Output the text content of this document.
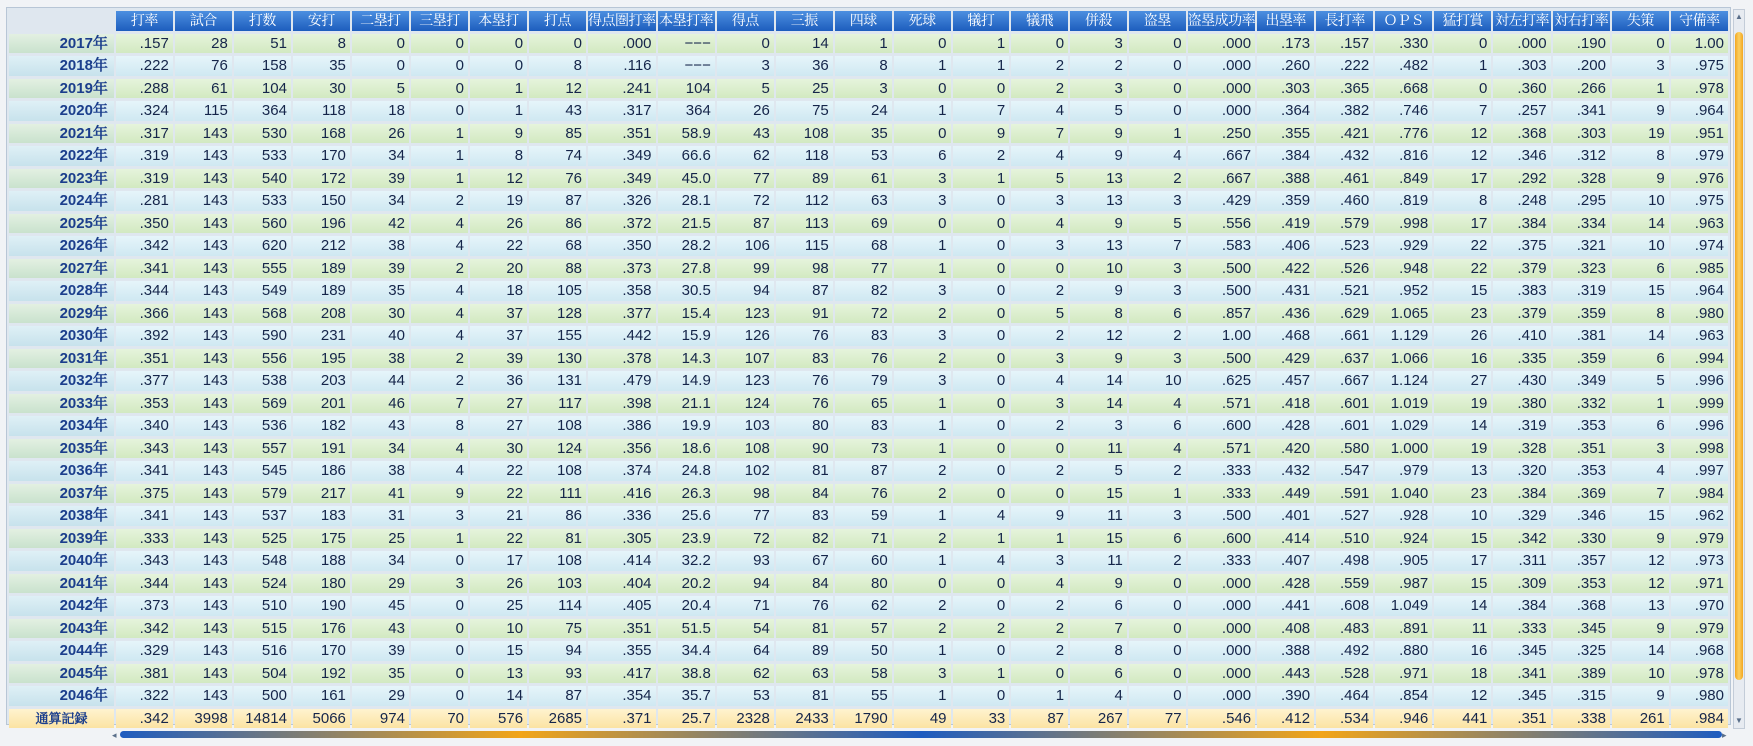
	打率	試合	打数	安打	二塁打	三塁打	本塁打	打点	得点圏打率	本塁打率	得点	三振	四球	死球	犠打	犠飛	併殺	盗塁	盗塁成功率	出塁率	長打率	ＯＰＳ	猛打賞	対左打率	対右打率	失策	守備率
2017年	.157	28	51	8	0	0	0	0	.000	−−−	0	14	1	0	1	0	3	0	.000	.173	.157	.330	0	.000	.190	0	1.00
2018年	.222	76	158	35	0	0	0	8	.116	−−−	3	36	8	1	1	2	2	0	.000	.260	.222	.482	1	.303	.200	3	.975
2019年	.288	61	104	30	5	0	1	12	.241	104	5	25	3	0	0	2	3	0	.000	.303	.365	.668	0	.360	.266	1	.978
2020年	.324	115	364	118	18	0	1	43	.317	364	26	75	24	1	7	4	5	0	.000	.364	.382	.746	7	.257	.341	9	.964
2021年	.317	143	530	168	26	1	9	85	.351	58.9	43	108	35	0	9	7	9	1	.250	.355	.421	.776	12	.368	.303	19	.951
2022年	.319	143	533	170	34	1	8	74	.349	66.6	62	118	53	6	2	4	9	4	.667	.384	.432	.816	12	.346	.312	8	.979
2023年	.319	143	540	172	39	1	12	76	.349	45.0	77	89	61	3	1	5	13	2	.667	.388	.461	.849	17	.292	.328	9	.976
2024年	.281	143	533	150	34	2	19	87	.326	28.1	72	112	63	3	0	3	13	3	.429	.359	.460	.819	8	.248	.295	10	.975
2025年	.350	143	560	196	42	4	26	86	.372	21.5	87	113	69	0	0	4	9	5	.556	.419	.579	.998	17	.384	.334	14	.963
2026年	.342	143	620	212	38	4	22	68	.350	28.2	106	115	68	1	0	3	13	7	.583	.406	.523	.929	22	.375	.321	10	.974
2027年	.341	143	555	189	39	2	20	88	.373	27.8	99	98	77	1	0	0	10	3	.500	.422	.526	.948	22	.379	.323	6	.985
2028年	.344	143	549	189	35	4	18	105	.358	30.5	94	87	82	3	0	2	9	3	.500	.431	.521	.952	15	.383	.319	15	.964
2029年	.366	143	568	208	30	4	37	128	.377	15.4	123	91	72	2	0	5	8	6	.857	.436	.629	1.065	23	.379	.359	8	.980
2030年	.392	143	590	231	40	4	37	155	.442	15.9	126	76	83	3	0	2	12	2	1.00	.468	.661	1.129	26	.410	.381	14	.963
2031年	.351	143	556	195	38	2	39	130	.378	14.3	107	83	76	2	0	3	9	3	.500	.429	.637	1.066	16	.335	.359	6	.994
2032年	.377	143	538	203	44	2	36	131	.479	14.9	123	76	79	3	0	4	14	10	.625	.457	.667	1.124	27	.430	.349	5	.996
2033年	.353	143	569	201	46	7	27	117	.398	21.1	124	76	65	1	0	3	14	4	.571	.418	.601	1.019	19	.380	.332	1	.999
2034年	.340	143	536	182	43	8	27	108	.386	19.9	103	80	83	1	0	2	3	6	.600	.428	.601	1.029	14	.319	.353	6	.996
2035年	.343	143	557	191	34	4	30	124	.356	18.6	108	90	73	1	0	0	11	4	.571	.420	.580	1.000	19	.328	.351	3	.998
2036年	.341	143	545	186	38	4	22	108	.374	24.8	102	81	87	2	0	2	5	2	.333	.432	.547	.979	13	.320	.353	4	.997
2037年	.375	143	579	217	41	9	22	111	.416	26.3	98	84	76	2	0	0	15	1	.333	.449	.591	1.040	23	.384	.369	7	.984
2038年	.341	143	537	183	31	3	21	86	.336	25.6	77	83	59	1	4	9	11	3	.500	.401	.527	.928	10	.329	.346	15	.962
2039年	.333	143	525	175	25	1	22	81	.305	23.9	72	82	71	2	1	1	15	6	.600	.414	.510	.924	15	.342	.330	9	.979
2040年	.343	143	548	188	34	0	17	108	.414	32.2	93	67	60	1	4	3	11	2	.333	.407	.498	.905	17	.311	.357	12	.973
2041年	.344	143	524	180	29	3	26	103	.404	20.2	94	84	80	0	0	4	9	0	.000	.428	.559	.987	15	.309	.353	12	.971
2042年	.373	143	510	190	45	0	25	114	.405	20.4	71	76	62	2	0	2	6	0	.000	.441	.608	1.049	14	.384	.368	13	.970
2043年	.342	143	515	176	43	0	10	75	.351	51.5	54	81	57	2	2	2	7	0	.000	.408	.483	.891	11	.333	.345	9	.979
2044年	.329	143	516	170	39	0	15	94	.355	34.4	64	89	50	1	0	2	8	0	.000	.388	.492	.880	16	.345	.325	14	.968
2045年	.381	143	504	192	35	0	13	93	.417	38.8	62	63	58	3	1	0	6	0	.000	.443	.528	.971	18	.341	.389	10	.978
2046年	.322	143	500	161	29	0	14	87	.354	35.7	53	81	55	1	0	1	4	0	.000	.390	.464	.854	12	.345	.315	9	.980
通算記録	.342	3998	14814	5066	974	70	576	2685	.371	25.7	2328	2433	1790	49	33	87	267	77	.546	.412	.534	.946	441	.351	.338	261	.984
▲
▼
◂	▸
